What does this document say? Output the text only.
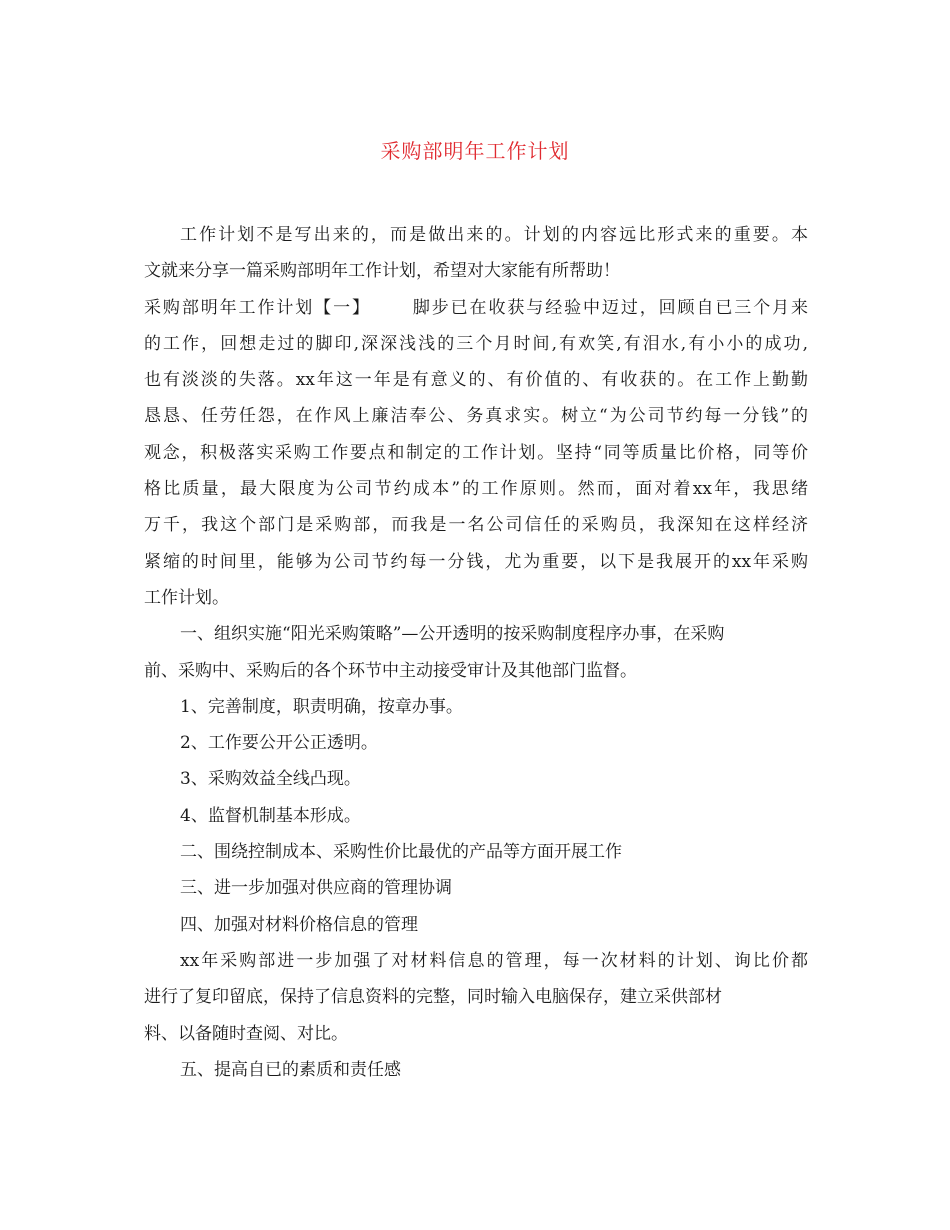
采购部明年工作计划
工作计划不是写出来的，而是做出来的。计划的内容远比形式来的重要。本
文就来分享一篇采购部明年工作计划，希望对大家能有所帮助！
采购部明年工作计划【一】 脚步已在收获与经验中迈过，回顾自已三个月来
的工作，回想走过的脚印,深深浅浅的三个月时间,有欢笑,有泪水,有小小的成功,
也有淡淡的失落。xx年这一年是有意义的、有价值的、有收获的。在工作上勤勤
恳恳、任劳任怨，在作风上廉洁奉公、务真求实。树立“为公司节约每一分钱”的
观念，积极落实采购工作要点和制定的工作计划。坚持“同等质量比价格，同等价
格比质量，最大限度为公司节约成本”的工作原则。然而，面对着xx年，我思绪
万千，我这个部门是采购部，而我是一名公司信任的采购员，我深知在这样经济
紧缩的时间里，能够为公司节约每一分钱，尤为重要，以下是我展开的xx年采购
工作计划。
一、组织实施“阳光采购策略”—公开透明的按采购制度程序办事，在采购
前、采购中、采购后的各个环节中主动接受审计及其他部门监督。
1、完善制度，职责明确，按章办事。
2、工作要公开公正透明。
3、采购效益全线凸现。
4、监督机制基本形成。
二、围绕控制成本、采购性价比最优的产品等方面开展工作
三、进一步加强对供应商的管理协调
四、加强对材料价格信息的管理
xx年采购部进一步加强了对材料信息的管理，每一次材料的计划、询比价都
进行了复印留底，保持了信息资料的完整，同时输入电脑保存，建立采供部材
料、以备随时查阅、对比。
五、提高自已的素质和责任感
